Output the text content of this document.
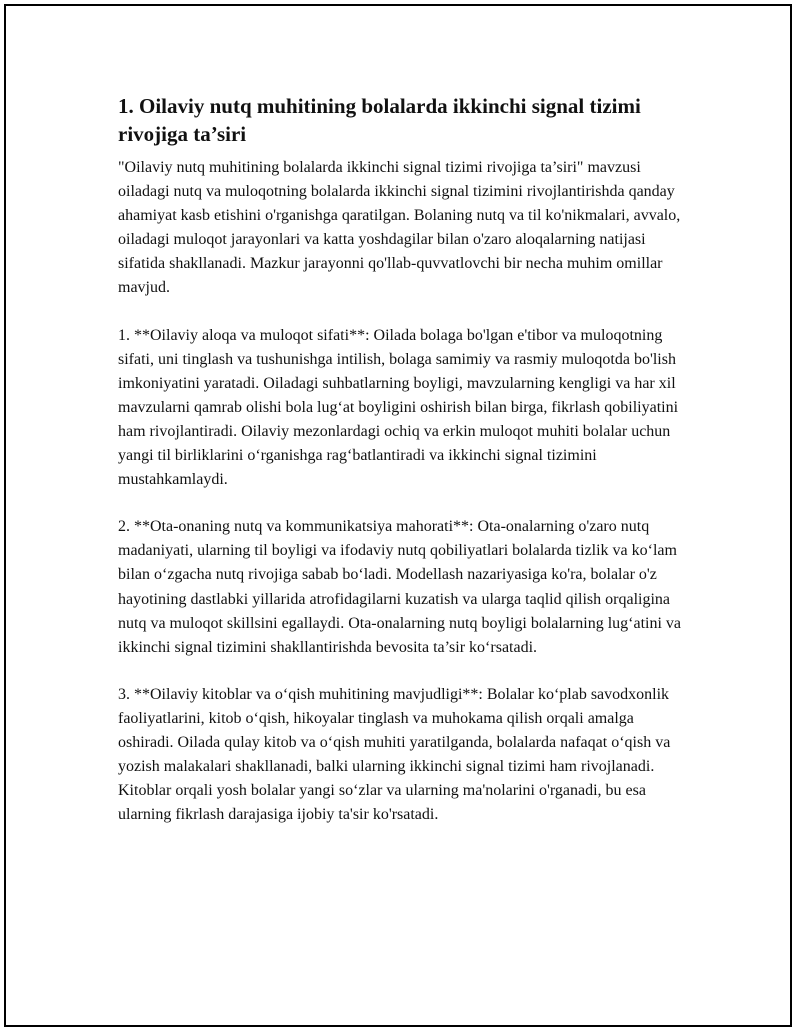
1. Oilaviy nutq muhitining bolalarda ikkinchi signal tizimi rivojiga ta’siri

"Oilaviy nutq muhitining bolalarda ikkinchi signal tizimi rivojiga ta’siri" mavzusi oiladagi nutq va muloqotning bolalarda ikkinchi signal tizimini rivojlantirishda qanday ahamiyat kasb etishini o'rganishga qaratilgan. Bolaning nutq va til ko'nikmalari, avvalo, oiladagi muloqot jarayonlari va katta yoshdagilar bilan o'zaro aloqalarning natijasi sifatida shakllanadi. Mazkur jarayonni qo'llab-quvvatlovchi bir necha muhim omillar mavjud.

1. **Oilaviy aloqa va muloqot sifati**: Oilada bolaga bo'lgan e'tibor va muloqotning sifati, uni tinglash va tushunishga intilish, bolaga samimiy va rasmiy muloqotda bo'lish imkoniyatini yaratadi. Oiladagi suhbatlarning boyligi, mavzularning kengligi va har xil mavzularni qamrab olishi bola lug‘at boyligini oshirish bilan birga, fikrlash qobiliyatini ham rivojlantiradi. Oilaviy mezonlardagi ochiq va erkin muloqot muhiti bolalar uchun yangi til birliklarini o‘rganishga rag‘batlantiradi va ikkinchi signal tizimini mustahkamlaydi.

2. **Ota-onaning nutq va kommunikatsiya mahorati**: Ota-onalarning o'zaro nutq madaniyati, ularning til boyligi va ifodaviy nutq qobiliyatlari bolalarda tizlik va ko‘lam bilan o‘zgacha nutq rivojiga sabab bo‘ladi. Modellash nazariyasiga ko'ra, bolalar o'z hayotining dastlabki yillarida atrofidagilarni kuzatish va ularga taqlid qilish orqaligina nutq va muloqot skillsini egallaydi. Ota-onalarning nutq boyligi bolalarning lug‘atini va ikkinchi signal tizimini shakllantirishda bevosita ta’sir ko‘rsatadi.

3. **Oilaviy kitoblar va o‘qish muhitining mavjudligi**: Bolalar ko‘plab savodxonlik faoliyatlarini, kitob o‘qish, hikoyalar tinglash va muhokama qilish orqali amalga oshiradi. Oilada qulay kitob va o‘qish muhiti yaratilganda, bolalarda nafaqat o‘qish va yozish malakalari shakllanadi, balki ularning ikkinchi signal tizimi ham rivojlanadi. Kitoblar orqali yosh bolalar yangi so‘zlar va ularning ma'nolarini o'rganadi, bu esa ularning fikrlash darajasiga ijobiy ta'sir ko'rsatadi.
